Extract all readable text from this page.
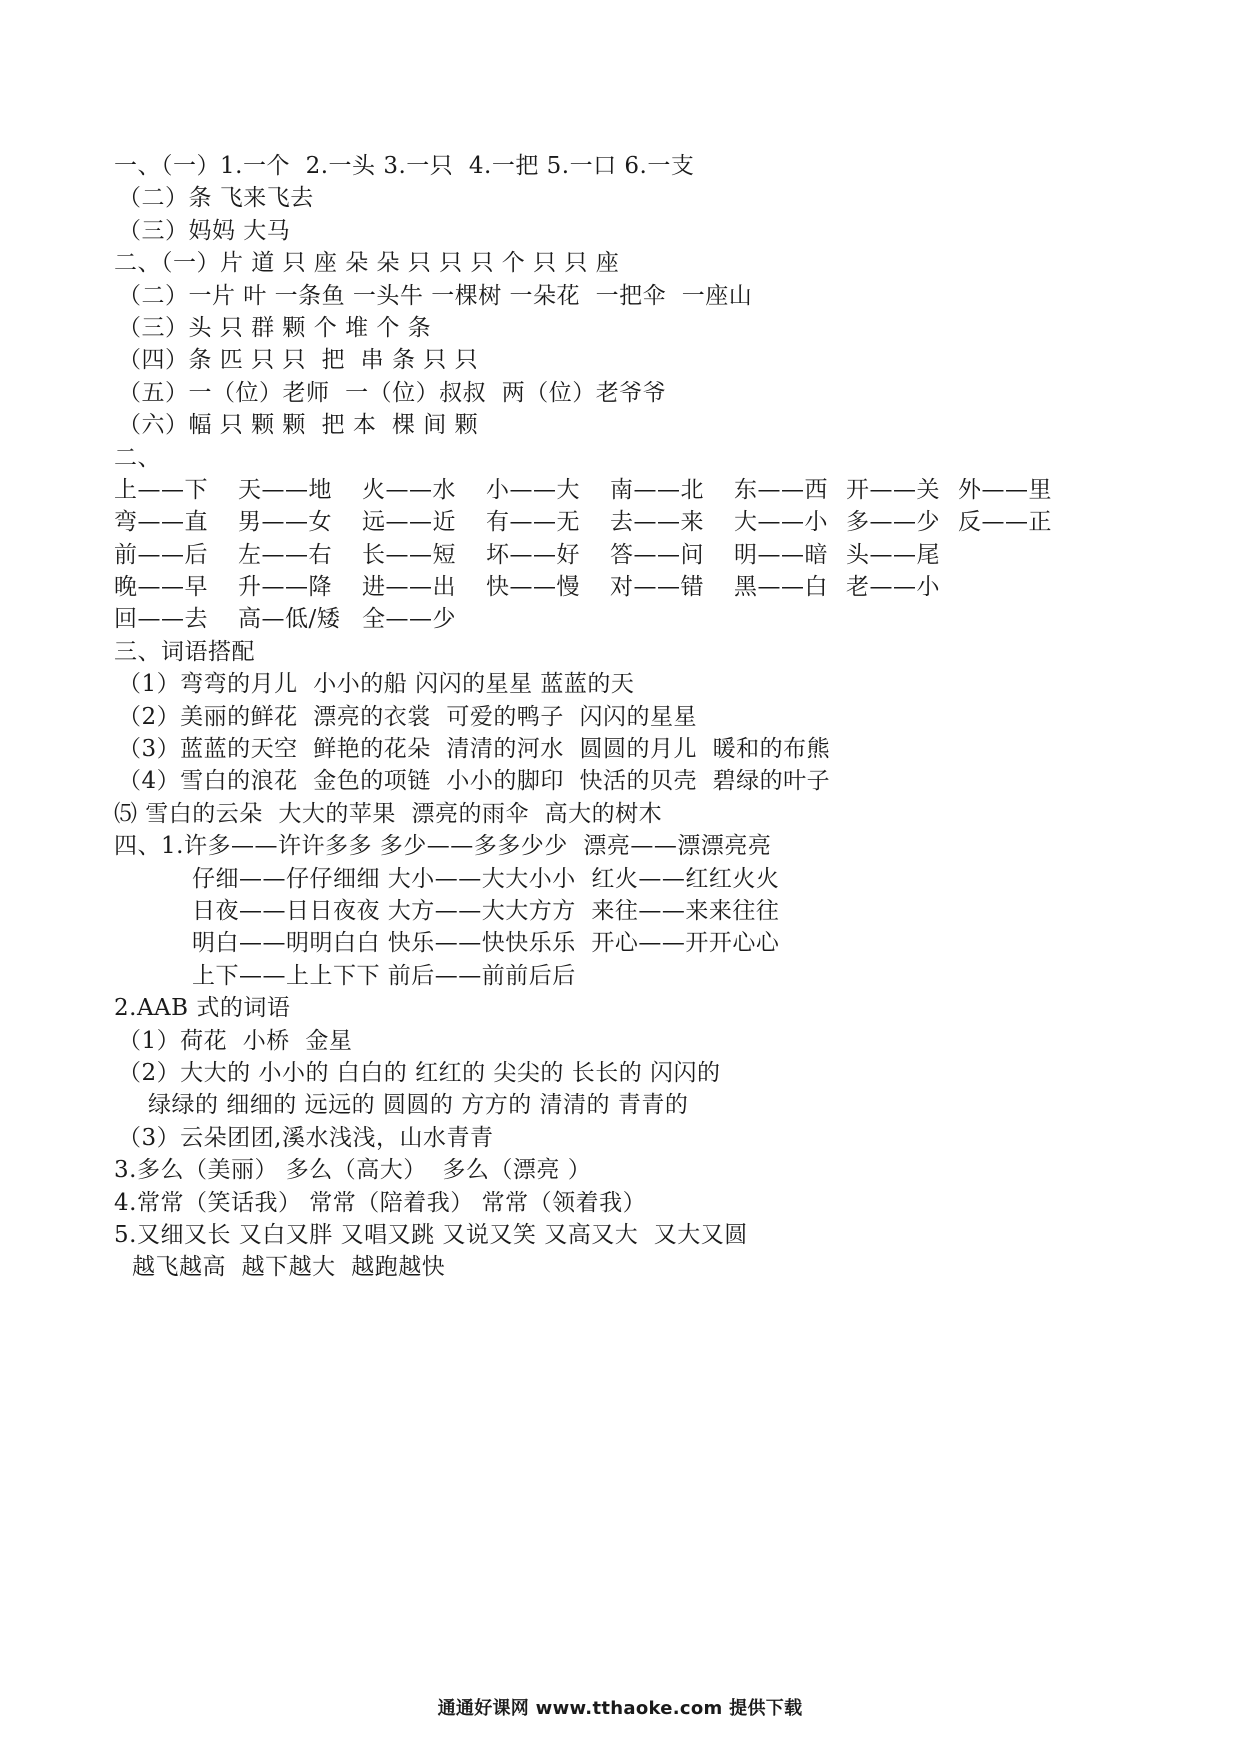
一、（一）1.一个  2.一头 3.一只  4.一把 5.一口 6.一支
（二）条 飞来飞去
（三）妈妈 大马
二、（一）片 道 只 座 朵 朵 只 只 只 个 只 只 座
（二）一片 叶 一条鱼 一头牛 一棵树 一朵花  一把伞  一座山
（三）头 只 群 颗 个 堆 个 条
（四）条 匹 只 只  把  串 条 只 只
（五）一（位）老师  一（位）叔叔  两（位）老爷爷
（六）幅 只 颗 颗  把 本  棵 间 颗
二、
上——下	天——地	火——水	小——大	南——北	东——西 开——关 外——里
弯——直	男——女	远——近	有——无	去——来	大——小 多——少 反——正
前——后	左——右	长——短	坏——好	答——问	明——暗 头——尾
晚——早	升——降	进——出	快——慢	对——错	黑——白 老——小
回——去	高—低/矮 全——少
三、词语搭配
（1）弯弯的月儿  小小的船 闪闪的星星 蓝蓝的天
（2）美丽的鲜花  漂亮的衣裳  可爱的鸭子  闪闪的星星
（3）蓝蓝的天空  鲜艳的花朵  清清的河水  圆圆的月儿  暖和的布熊
（4）雪白的浪花  金色的项链  小小的脚印  快活的贝壳  碧绿的叶子
⑸ 雪白的云朵  大大的苹果  漂亮的雨伞  高大的树木
四、1.许多——许许多多 多少——多多少少  漂亮——漂漂亮亮
仔细——仔仔细细 大小——大大小小  红火——红红火火
日夜——日日夜夜 大方——大大方方  来往——来来往往
明白——明明白白 快乐——快快乐乐  开心——开开心心
上下——上上下下 前后——前前后后
2.AAB 式的词语
（1）荷花  小桥  金星
（2）大大的 小小的 白白的 红红的 尖尖的 长长的 闪闪的
绿绿的 细细的 远远的 圆圆的 方方的 清清的 青青的
（3）云朵团团,溪水浅浅，山水青青
3.多么（美丽） 多么（高大）  多么（漂亮 ）
4.常常（笑话我） 常常（陪着我） 常常（领着我）
5.又细又长 又白又胖 又唱又跳 又说又笑 又高又大  又大又圆
越飞越高  越下越大  越跑越快
通通好课网 www.tthaoke.com 提供下载
